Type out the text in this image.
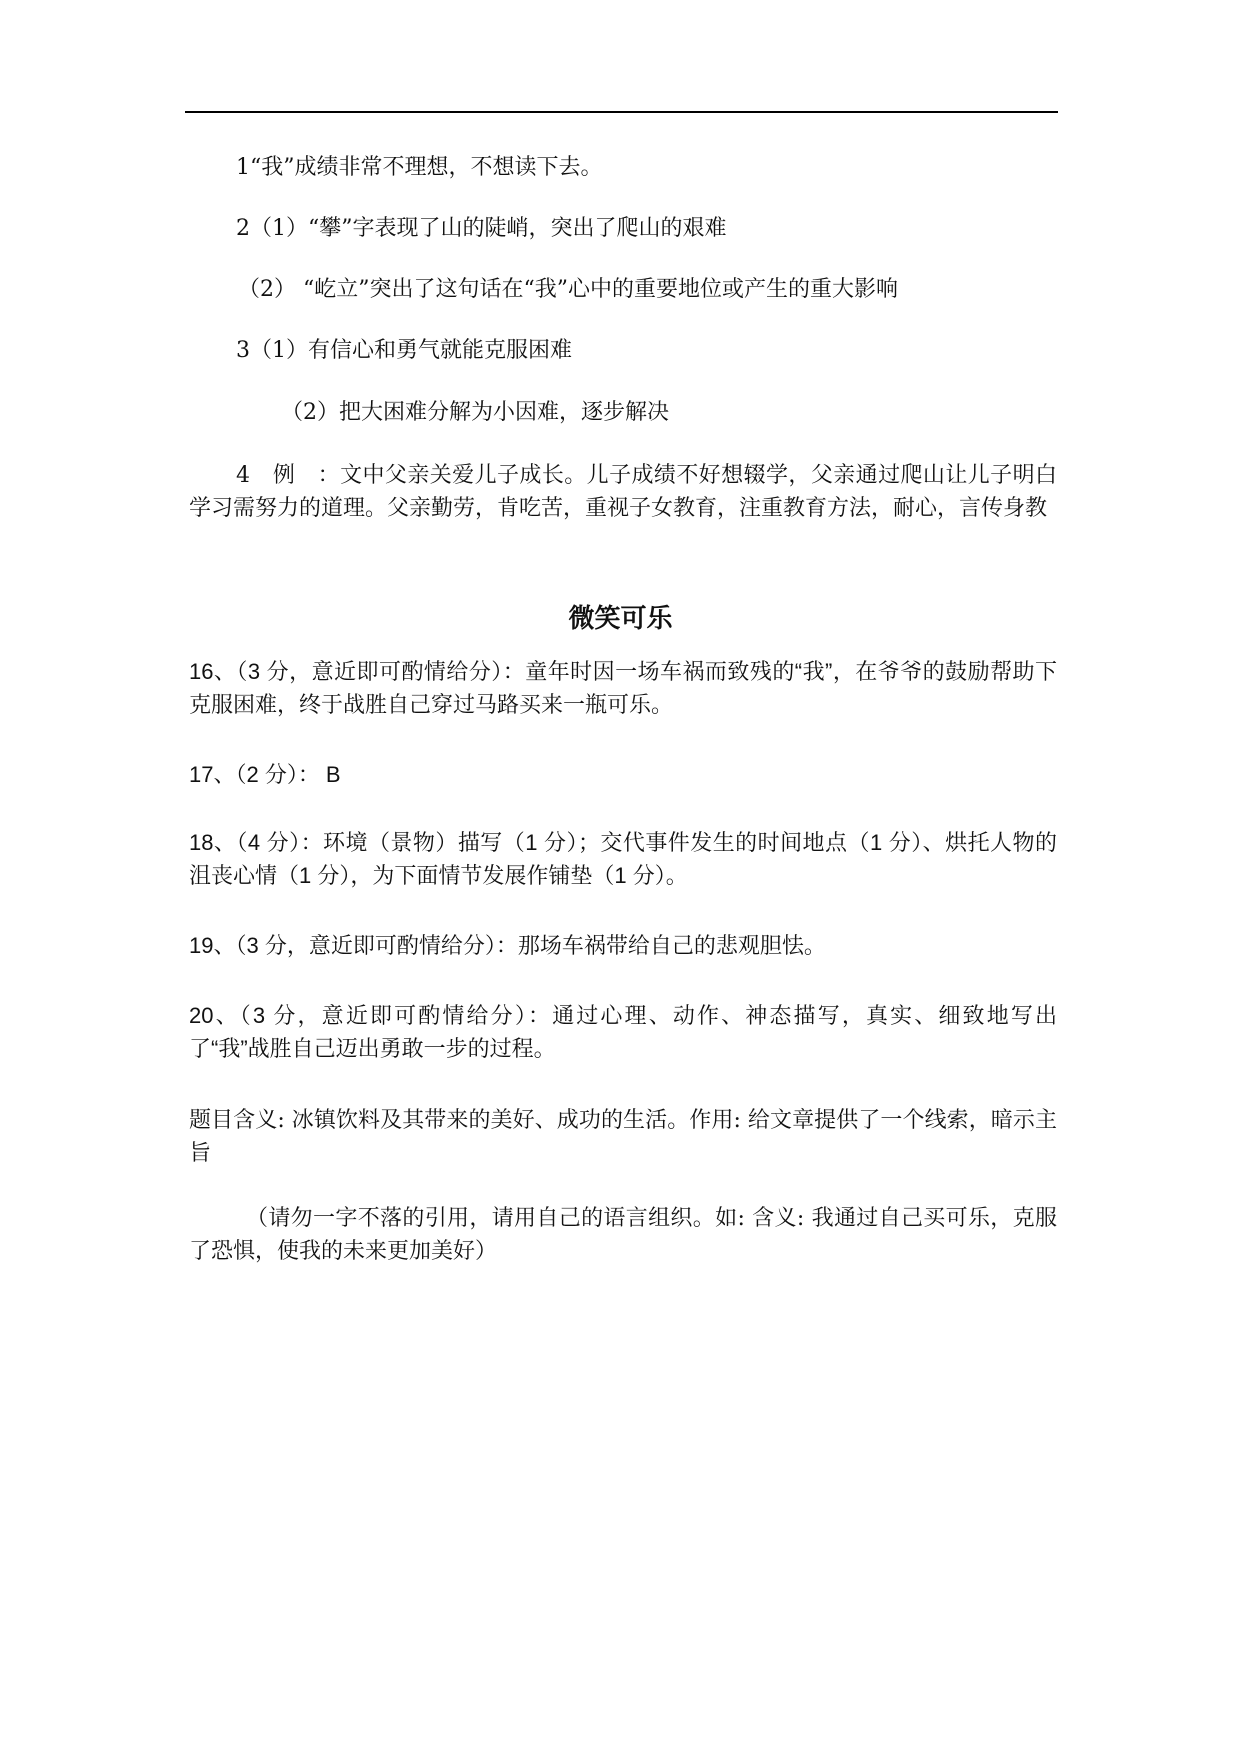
1“我”成绩非常不理想，不想读下去。
2（1）“攀”字表现了山的陡峭，突出了爬山的艰难
（2） “屹立”突出了这句话在“我”心中的重要地位或产生的重大影响
3（1）有信心和勇气就能克服困难
（2）把大困难分解为小因难，逐步解决
4　例　：文中父亲关爱儿子成长。儿子成绩不好想辍学，父亲通过爬山让儿子明白学习需努力的道理。父亲勤劳，肯吃苦，重视子女教育，注重教育方法，耐心，言传身教
微笑可乐
16、（3 分，意近即可酌情给分）：童年时因一场车祸而致残的“我”，在爷爷的鼓励帮助下克服困难，终于战胜自己穿过马路买来一瓶可乐。
17、（2 分）： B
18、（4 分）：环境（景物）描写（1 分）；交代事件发生的时间地点（1 分）、烘托人物的沮丧心情（1 分），为下面情节发展作铺垫（1 分）。
19、（3 分，意近即可酌情给分）：那场车祸带给自己的悲观胆怯。
20、（3 分，意近即可酌情给分）：通过心理、动作、神态描写，真实、细致地写出了“我”战胜自己迈出勇敢一步的过程。
题目含义: 冰镇饮料及其带来的美好、成功的生活。作用: 给文章提供了一个线索，暗示主旨
（请勿一字不落的引用，请用自己的语言组织。如: 含义: 我通过自己买可乐，克服了恐惧，使我的未来更加美好）
